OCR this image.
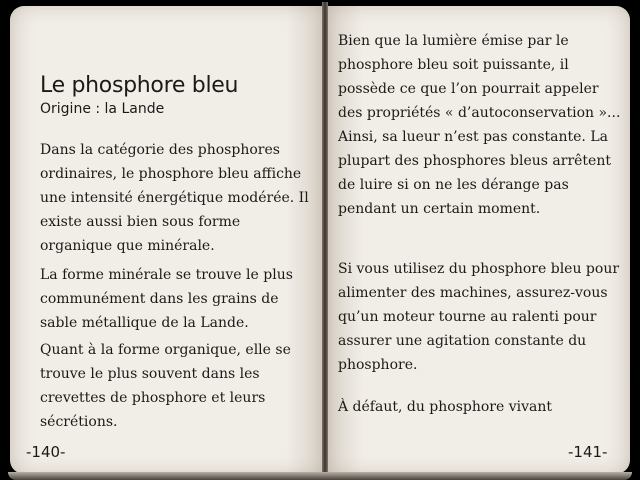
Le phosphore bleu
Origine : la Lande
Dans la catégorie des phosphores ordinaires, le phosphore bleu affiche une intensité énergétique modérée. Il existe aussi bien sous forme organique que minérale.
La forme minérale se trouve le plus communément dans les grains de sable métallique de la Lande.
Quant à la forme organique, elle se trouve le plus souvent dans les crevettes de phosphore et leurs sécrétions.
Bien que la lumière émise par le phosphore bleu soit puissante, il possède ce que l’on pourrait appeler des propriétés « d’autoconservation »... Ainsi, sa lueur n’est pas constante. La plupart des phosphores bleus arrêtent de luire si on ne les dérange pas pendant un certain moment.
Si vous utilisez du phosphore bleu pour alimenter des machines, assurez-vous qu’un moteur tourne au ralenti pour assurer une agitation constante du phosphore.
À défaut, du phosphore vivant
-140-	-141-
